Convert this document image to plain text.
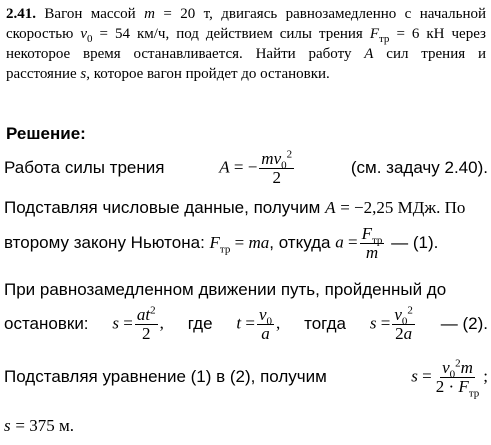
2.41. Вагон массой m = 20 т, двигаясь равнозамедленно с начальной скоростью $v_0 = 54$ км/ч, под действием силы трения $F_{тр} = 6$ кН через некоторое время останавливается. Найти работу A сил трения и расстояние s, которое вагон пройдет до остановки.
Решение:
Работа силы трения	A = − $\frac{mv_0^2}{2}$	(см. задачу 2.40).
Подставляя числовые данные, получим A = −2,25 МДж. По
второму закону Ньютона:
$F_{тр}$ = ma , откуда
$a = \frac{F_{тр}}{m}$
— (1).
При равнозамедленном движении путь, пройденный до
остановки: $s = \frac{at^2}{2}$ , где $t = \frac{v_0}{a}$ , тогда $s = \frac{v_0^2}{2a}$ — (2).
Подставляя уравнение (1) в (2), получим	$s = \frac{v_0^2m}{2 \cdot F_{тр}}$ ;
s = 375 м.
